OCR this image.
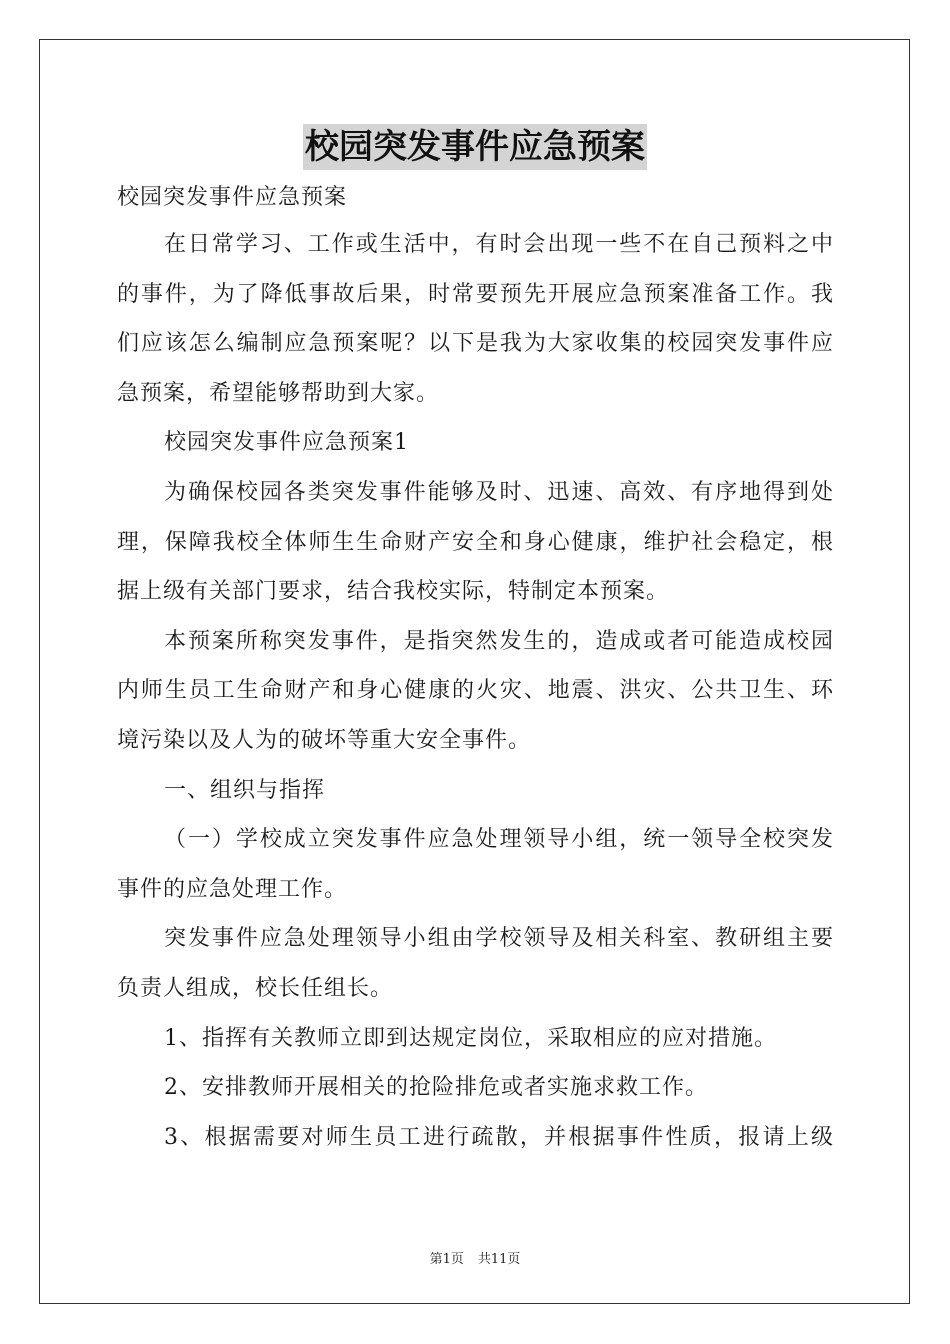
校园突发事件应急预案
校园突发事件应急预案
在日常学习、工作或生活中，有时会出现一些不在自己预料之中
的事件，为了降低事故后果，时常要预先开展应急预案准备工作。我
们应该怎么编制应急预案呢？以下是我为大家收集的校园突发事件应
急预案，希望能够帮助到大家。
校园突发事件应急预案1
为确保校园各类突发事件能够及时、迅速、高效、有序地得到处
理，保障我校全体师生生命财产安全和身心健康，维护社会稳定，根
据上级有关部门要求，结合我校实际，特制定本预案。
本预案所称突发事件，是指突然发生的，造成或者可能造成校园
内师生员工生命财产和身心健康的火灾、地震、洪灾、公共卫生、环
境污染以及人为的破坏等重大安全事件。
一、组织与指挥
（一）学校成立突发事件应急处理领导小组，统一领导全校突发
事件的应急处理工作。
突发事件应急处理领导小组由学校领导及相关科室、教研组主要
负责人组成，校长任组长。
1、指挥有关教师立即到达规定岗位，采取相应的应对措施。
2、安排教师开展相关的抢险排危或者实施求救工作。
3、根据需要对师生员工进行疏散，并根据事件性质，报请上级
第1页 共11页
